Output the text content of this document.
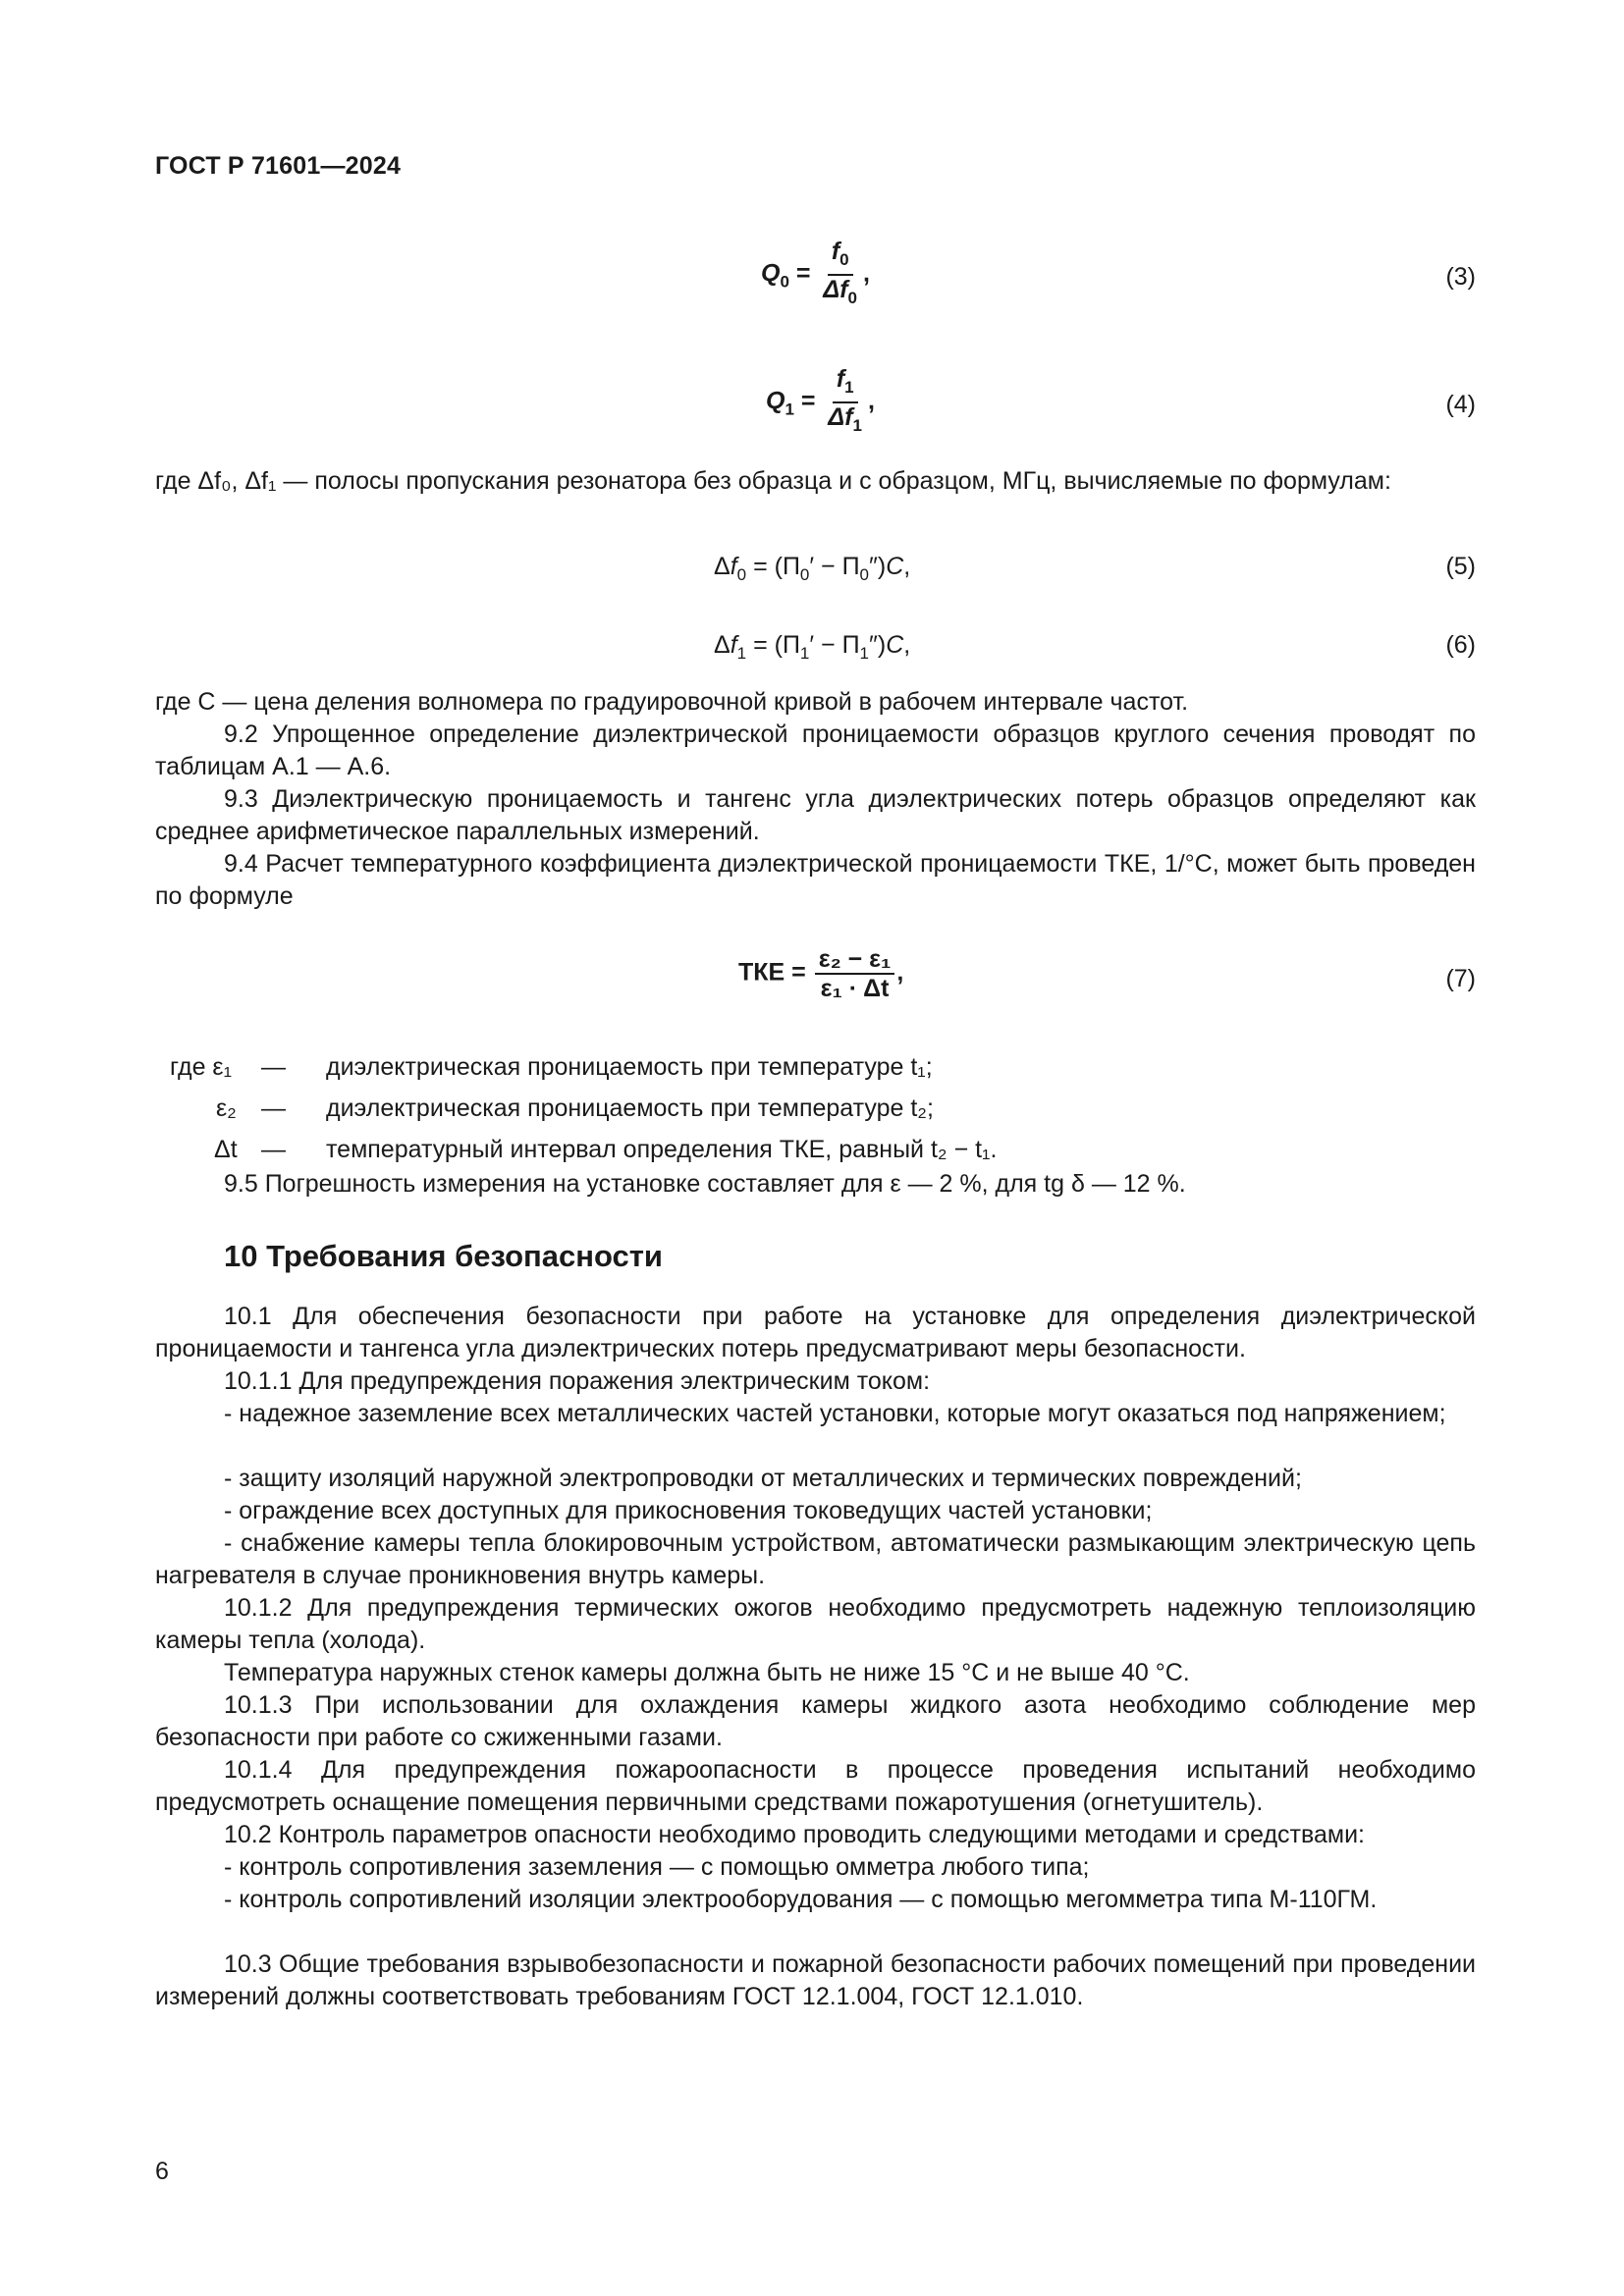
ГОСТ Р 71601—2024
$Q_0 = \frac{f_0}{\Delta f_0}$ ,	(3)
$Q_1 = \frac{f_1}{\Delta f_1}$ ,	(4)
где Δf₀, Δf₁ — полосы пропускания резонатора без образца и с образцом, МГц, вычисляемые по формулам:
$\Delta f_0 = (П_0' - П_0'')C$,	(5)
$\Delta f_1 = (П_1' - П_1'')C$,	(6)
где C — цена деления волномера по градуировочной кривой в рабочем интервале частот.
9.2 Упрощенное определение диэлектрической проницаемости образцов круглого сечения проводят по таблицам А.1 — А.6.
9.3 Диэлектрическую проницаемость и тангенс угла диэлектрических потерь образцов определяют как среднее арифметическое параллельных измерений.
9.4 Расчет температурного коэффициента диэлектрической проницаемости ТКЕ, 1/°С, может быть проведен по формуле
ТКЕ = $\frac{\text{ε₂ − ε₁}}{\text{ε₁ · Δt}}$ ,	(7)
где ε₁ — диэлектрическая проницаемость при температуре t₁;
ε₂ — диэлектрическая проницаемость при температуре t₂;
Δt — температурный интервал определения ТКЕ, равный t₂ − t₁.
9.5 Погрешность измерения на установке составляет для ε — 2 %, для tg δ — 12 %.
10 Требования безопасности
10.1 Для обеспечения безопасности при работе на установке для определения диэлектрической проницаемости и тангенса угла диэлектрических потерь предусматривают меры безопасности.
10.1.1 Для предупреждения поражения электрическим током:
- надежное заземление всех металлических частей установки, которые могут оказаться под напряжением;
- защиту изоляций наружной электропроводки от металлических и термических повреждений;
- ограждение всех доступных для прикосновения токоведущих частей установки;
- снабжение камеры тепла блокировочным устройством, автоматически размыкающим электрическую цепь нагревателя в случае проникновения внутрь камеры.
10.1.2 Для предупреждения термических ожогов необходимо предусмотреть надежную теплоизоляцию камеры тепла (холода).
Температура наружных стенок камеры должна быть не ниже 15 °С и не выше 40 °С.
10.1.3 При использовании для охлаждения камеры жидкого азота необходимо соблюдение мер безопасности при работе со сжиженными газами.
10.1.4 Для предупреждения пожароопасности в процессе проведения испытаний необходимо предусмотреть оснащение помещения первичными средствами пожаротушения (огнетушитель).
10.2 Контроль параметров опасности необходимо проводить следующими методами и средствами:
- контроль сопротивления заземления — с помощью омметра любого типа;
- контроль сопротивлений изоляции электрооборудования — с помощью мегомметра типа М-110ГМ.
10.3 Общие требования взрывобезопасности и пожарной безопасности рабочих помещений при проведении измерений должны соответствовать требованиям ГОСТ 12.1.004, ГОСТ 12.1.010.
6
